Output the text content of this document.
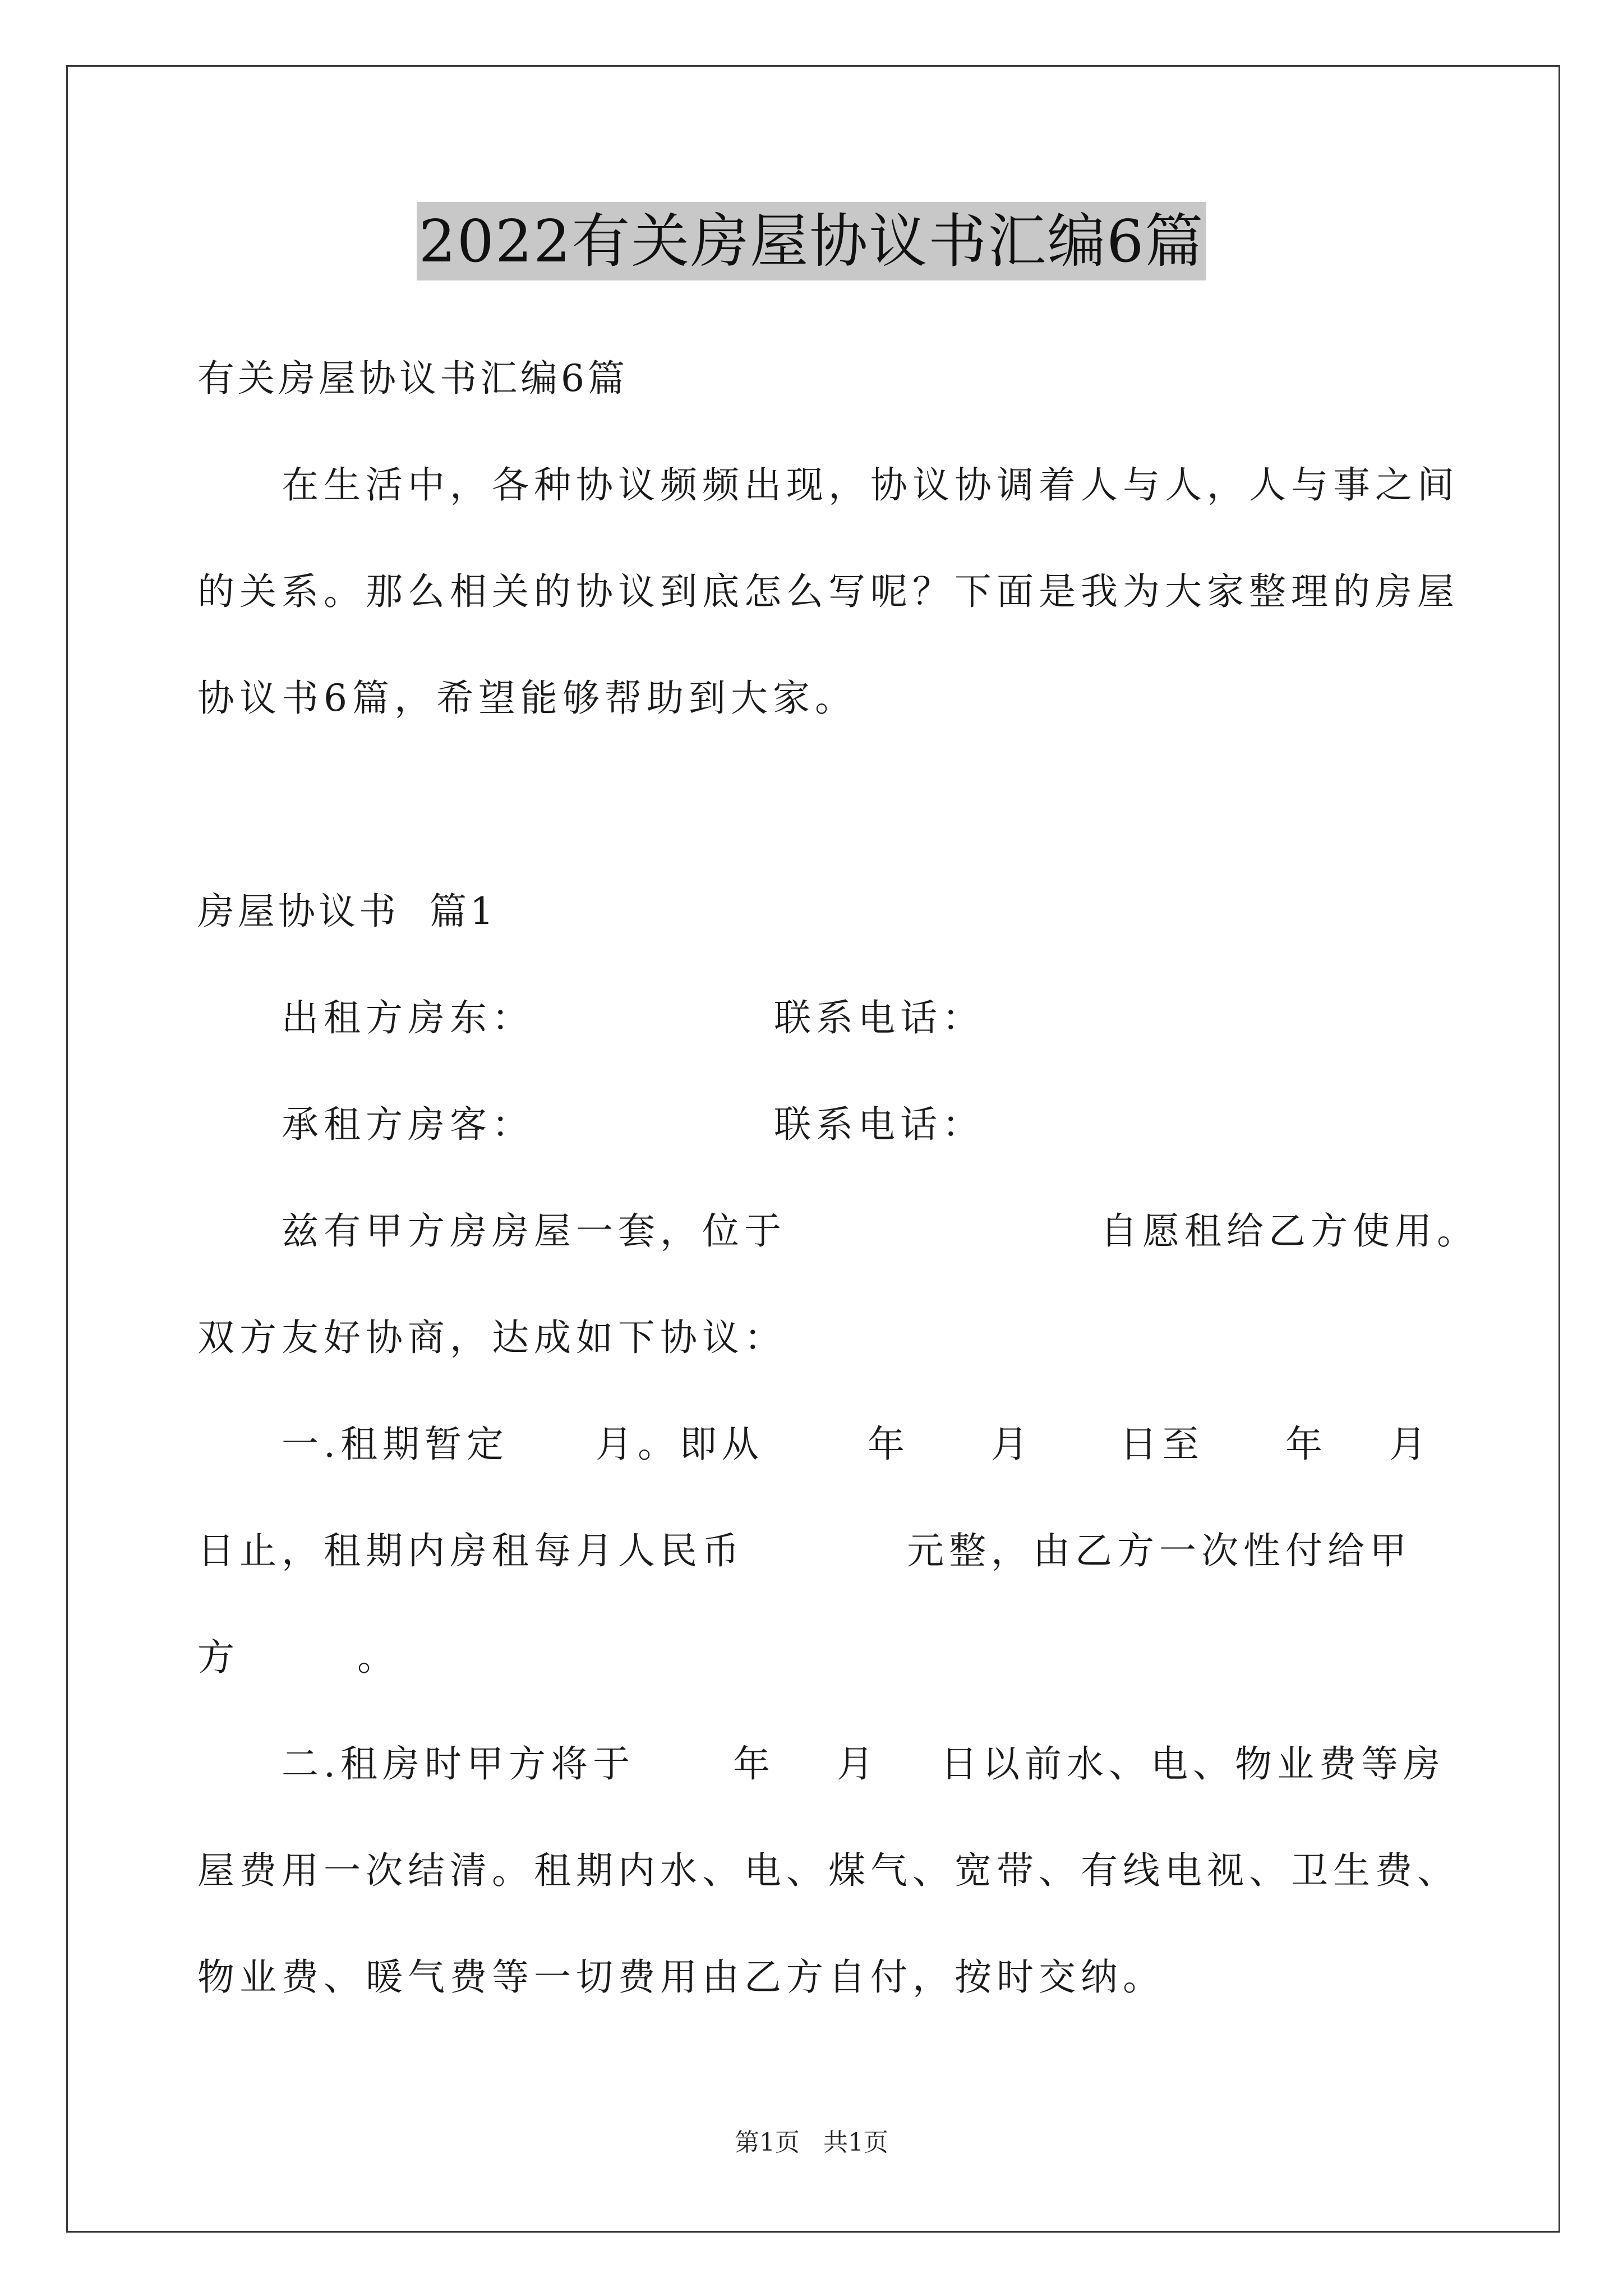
2022有关房屋协议书汇编6篇
有关房屋协议书汇编6篇
在生活中，各种协议频频出现，协议协调着人与人，人与事之间
的关系。那么相关的协议到底怎么写呢？下面是我为大家整理的房屋
协议书6篇，希望能够帮助到大家。
房屋协议书  篇1
出租方房东：	联系电话：
承租方房客：	联系电话：
兹有甲方房房屋一套，位于	自愿租给乙方使用。
双方友好协商，达成如下协议：
一.租期暂定 月。即从	年 月 日至 年 月
日止，租期内房租每月人民币	元整，由乙方一次性付给甲
方	。
二.租房时甲方将于	年 月 日以前水、电、物业费等房
屋费用一次结清。租期内水、电、煤气、宽带、有线电视、卫生费、
物业费、暖气费等一切费用由乙方自付，按时交纳。
第1页   共1页
